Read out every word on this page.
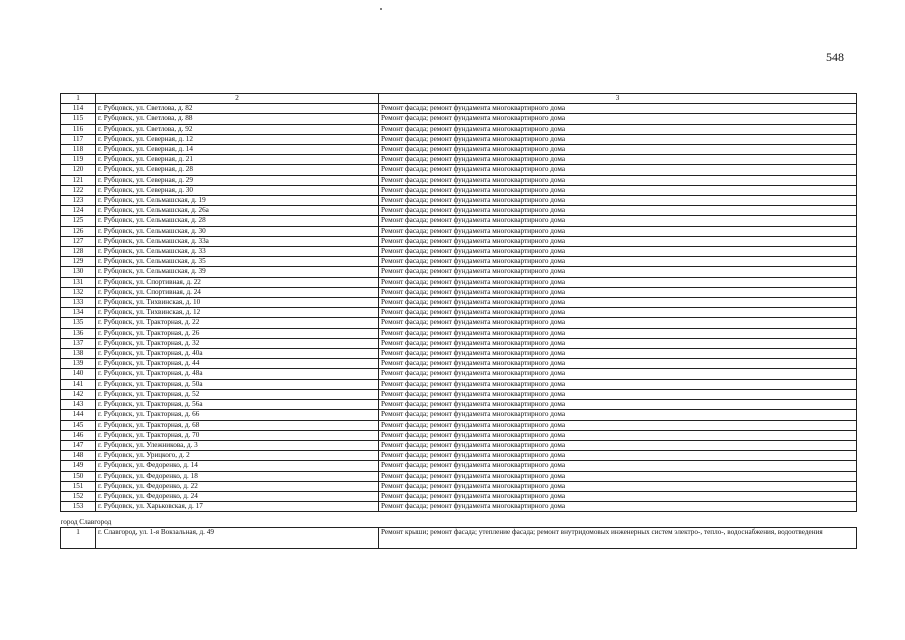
548
1	2	3
114	г. Рубцовск, ул. Светлова, д. 82	Ремонт фасада; ремонт фундамента многоквартирного дома
115	г. Рубцовск, ул. Светлова, д. 88	Ремонт фасада; ремонт фундамента многоквартирного дома
116	г. Рубцовск, ул. Светлова, д. 92	Ремонт фасада; ремонт фундамента многоквартирного дома
117	г. Рубцовск, ул. Северная, д. 12	Ремонт фасада; ремонт фундамента многоквартирного дома
118	г. Рубцовск, ул. Северная, д. 14	Ремонт фасада; ремонт фундамента многоквартирного дома
119	г. Рубцовск, ул. Северная, д. 21	Ремонт фасада; ремонт фундамента многоквартирного дома
120	г. Рубцовск, ул. Северная, д. 28	Ремонт фасада; ремонт фундамента многоквартирного дома
121	г. Рубцовск, ул. Северная, д. 29	Ремонт фасада; ремонт фундамента многоквартирного дома
122	г. Рубцовск, ул. Северная, д. 30	Ремонт фасада; ремонт фундамента многоквартирного дома
123	г. Рубцовск, ул. Сельмашская, д. 19	Ремонт фасада; ремонт фундамента многоквартирного дома
124	г. Рубцовск, ул. Сельмашская, д. 26а	Ремонт фасада; ремонт фундамента многоквартирного дома
125	г. Рубцовск, ул. Сельмашская, д. 28	Ремонт фасада; ремонт фундамента многоквартирного дома
126	г. Рубцовск, ул. Сельмашская, д. 30	Ремонт фасада; ремонт фундамента многоквартирного дома
127	г. Рубцовск, ул. Сельмашская, д. 33а	Ремонт фасада; ремонт фундамента многоквартирного дома
128	г. Рубцовск, ул. Сельмашская, д. 33	Ремонт фасада; ремонт фундамента многоквартирного дома
129	г. Рубцовск, ул. Сельмашская, д. 35	Ремонт фасада; ремонт фундамента многоквартирного дома
130	г. Рубцовск, ул. Сельмашская, д. 39	Ремонт фасада; ремонт фундамента многоквартирного дома
131	г. Рубцовск, ул. Спортивная, д. 22	Ремонт фасада; ремонт фундамента многоквартирного дома
132	г. Рубцовск, ул. Спортивная, д. 24	Ремонт фасада; ремонт фундамента многоквартирного дома
133	г. Рубцовск, ул. Тихвинская, д. 10	Ремонт фасада; ремонт фундамента многоквартирного дома
134	г. Рубцовск, ул. Тихвинская, д. 12	Ремонт фасада; ремонт фундамента многоквартирного дома
135	г. Рубцовск, ул. Тракторная, д. 22	Ремонт фасада; ремонт фундамента многоквартирного дома
136	г. Рубцовск, ул. Тракторная, д. 26	Ремонт фасада; ремонт фундамента многоквартирного дома
137	г. Рубцовск, ул. Тракторная, д. 32	Ремонт фасада; ремонт фундамента многоквартирного дома
138	г. Рубцовск, ул. Тракторная, д. 40а	Ремонт фасада; ремонт фундамента многоквартирного дома
139	г. Рубцовск, ул. Тракторная, д. 44	Ремонт фасада; ремонт фундамента многоквартирного дома
140	г. Рубцовск, ул. Тракторная, д. 48а	Ремонт фасада; ремонт фундамента многоквартирного дома
141	г. Рубцовск, ул. Тракторная, д. 50а	Ремонт фасада; ремонт фундамента многоквартирного дома
142	г. Рубцовск, ул. Тракторная, д. 52	Ремонт фасада; ремонт фундамента многоквартирного дома
143	г. Рубцовск, ул. Тракторная, д. 56а	Ремонт фасада; ремонт фундамента многоквартирного дома
144	г. Рубцовск, ул. Тракторная, д. 66	Ремонт фасада; ремонт фундамента многоквартирного дома
145	г. Рубцовск, ул. Тракторная, д. 68	Ремонт фасада; ремонт фундамента многоквартирного дома
146	г. Рубцовск, ул. Тракторная, д. 70	Ремонт фасада; ремонт фундамента многоквартирного дома
147	г. Рубцовск, ул. Улежникова, д. 3	Ремонт фасада; ремонт фундамента многоквартирного дома
148	г. Рубцовск, ул. Урицкого, д. 2	Ремонт фасада; ремонт фундамента многоквартирного дома
149	г. Рубцовск, ул. Федоренко, д. 14	Ремонт фасада; ремонт фундамента многоквартирного дома
150	г. Рубцовск, ул. Федоренко, д. 18	Ремонт фасада; ремонт фундамента многоквартирного дома
151	г. Рубцовск, ул. Федоренко, д. 22	Ремонт фасада; ремонт фундамента многоквартирного дома
152	г. Рубцовск, ул. Федоренко, д. 24	Ремонт фасада; ремонт фундамента многоквартирного дома
153	г. Рубцовск, ул. Харьковская, д. 17	Ремонт фасада; ремонт фундамента многоквартирного дома
город Славгород		
1	г. Славгород, ул. 1-я Вокзальная, д. 49	Ремонт крыши; ремонт фасада; утепление фасада; ремонт внутридомовых инженерных систем электро-, тепло-, водоснабжения, водоотведения
